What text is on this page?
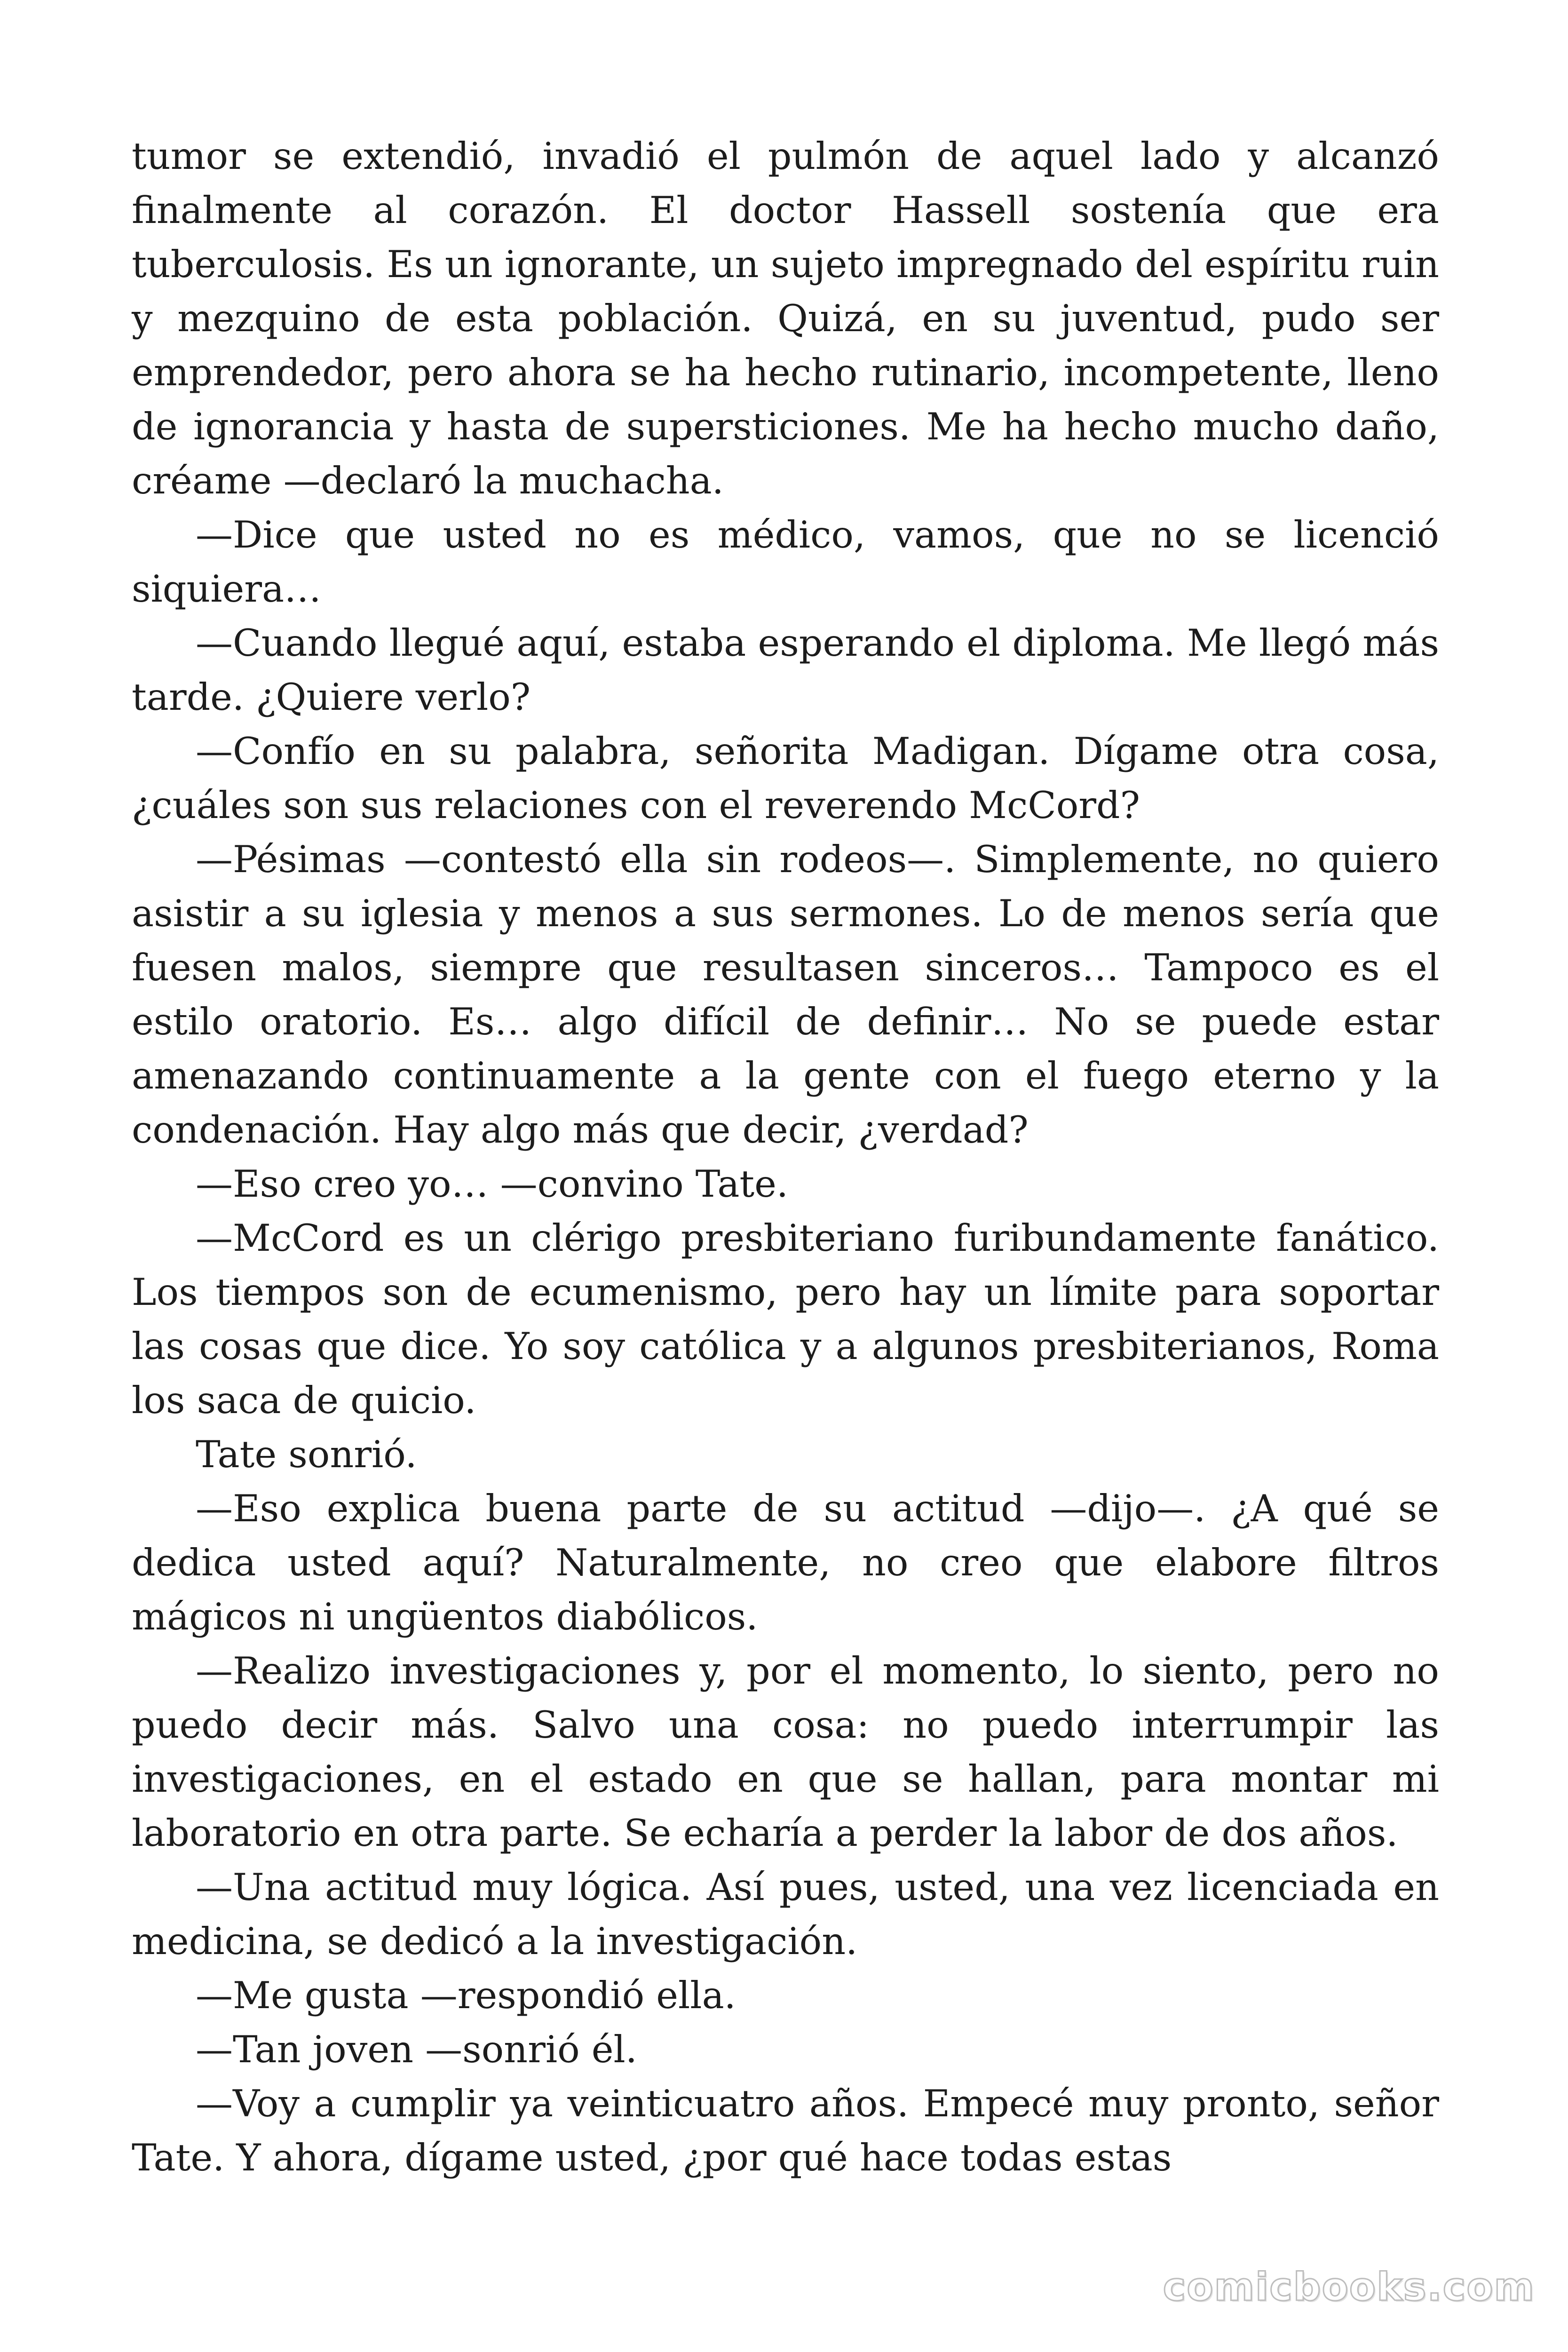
tumor se extendió, invadió el pulmón de aquel lado y alcanzó finalmente al corazón. El doctor Hassell sostenía que era tuberculosis. Es un ignorante, un sujeto impregnado del espíritu ruin y mezquino de esta población. Quizá, en su juventud, pudo ser emprendedor, pero ahora se ha hecho rutinario, incompetente, lleno de ignorancia y hasta de supersticiones. Me ha hecho mucho daño, créame —declaró la muchacha.

—Dice que usted no es médico, vamos, que no se licenció siquiera…

—Cuando llegué aquí, estaba esperando el diploma. Me llegó más tarde. ¿Quiere verlo?

—Confío en su palabra, señorita Madigan. Dígame otra cosa, ¿cuáles son sus relaciones con el reverendo McCord?

—Pésimas —contestó ella sin rodeos—. Simplemente, no quiero asistir a su iglesia y menos a sus sermones. Lo de menos sería que fuesen malos, siempre que resultasen sinceros… Tampoco es el estilo oratorio. Es… algo difícil de definir… No se puede estar amenazando continuamente a la gente con el fuego eterno y la condenación. Hay algo más que decir, ¿verdad?

—Eso creo yo… —convino Tate.

—McCord es un clérigo presbiteriano furibundamente fanático. Los tiempos son de ecumenismo, pero hay un límite para soportar las cosas que dice. Yo soy católica y a algunos presbiterianos, Roma los saca de quicio.

Tate sonrió.

—Eso explica buena parte de su actitud —dijo—. ¿A qué se dedica usted aquí? Naturalmente, no creo que elabore filtros mágicos ni ungüentos diabólicos.

—Realizo investigaciones y, por el momento, lo siento, pero no puedo decir más. Salvo una cosa: no puedo interrumpir las investigaciones, en el estado en que se hallan, para montar mi laboratorio en otra parte. Se echaría a perder la labor de dos años.

—Una actitud muy lógica. Así pues, usted, una vez licenciada en medicina, se dedicó a la investigación.

—Me gusta —respondió ella.

—Tan joven —sonrió él.

—Voy a cumplir ya veinticuatro años. Empecé muy pronto, señor Tate. Y ahora, dígame usted, ¿por qué hace todas estas

comicbooks.com
